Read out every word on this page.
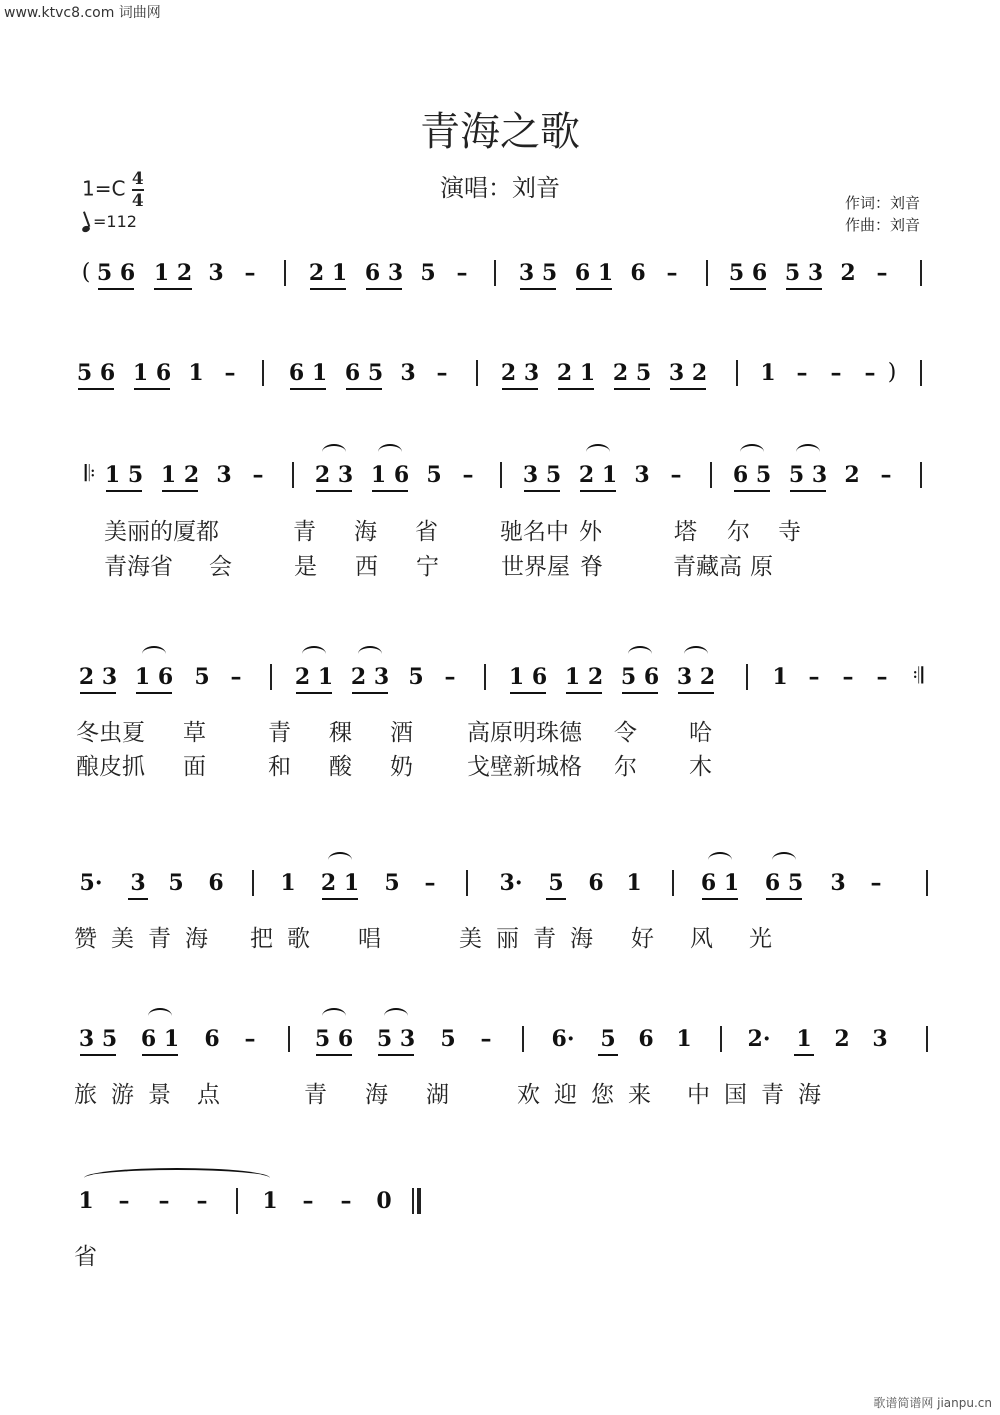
www.ktvc8.com 词曲网
青海之歌
演唱：刘音
$1=C \frac{4}{4}$
=112
作词：刘音
作曲：刘音
( 5 6 1 2 3 – 2 1 6 3 5 – 3 5 6 1 6 – 5 6 5 3 2 –
5 6 1 6 1 – 6 1 6 5 3 – 2 3 2 1 2 5 3 2 1 – – – )
𝄆 1 5 1 2 3 – 2 3 1 6 5 – 3 5 2 1 3 – 6 5 5 3 2 –
美丽的厦都	青 海 省	驰名中 外	塔 尔 寺
青海省 会	是 西 宁	世界屋 脊	青藏高 原
2 3 1 6 5 – 2 1 2 3 5 – 1 6 1 2 5 6 3 2	1 – – –	𝄇
冬虫夏 草	青 稞 酒 高原明珠德 令 哈
酿皮抓 面	和 酸 奶 戈壁新城格 尔 木
5· 3 5 6	1 2 1 5 –	3· 5 6 1	6 1 6 5 3 –
赞美青海 把歌 唱	美丽青海 好 风 光
3 5 6 1 6 –	5 6 5 3 5 –	6· 5 6 1	2· 1 2 3
旅游景 点	青 海 湖	欢迎您来 中国青海
1 – – – 1 – – 0
省
歌谱简谱网 jianpu.cn
